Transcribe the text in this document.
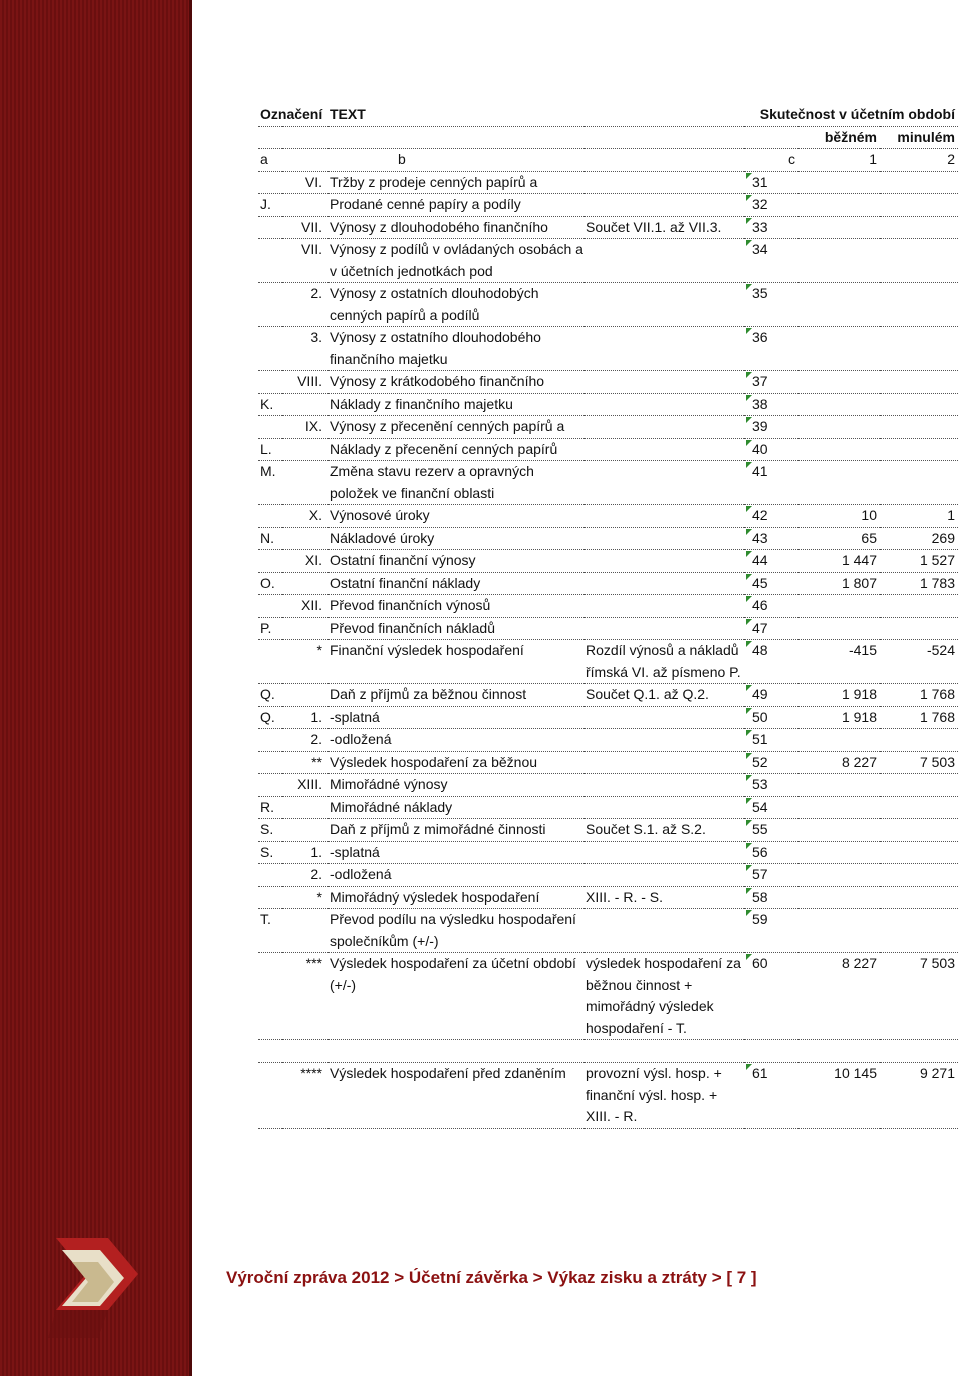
Označení		TEXT		Skutečnost v účetním období		
					běžném	minulém
a		b		c	1	2
	VI.	Tržby z prodeje cenných papírů a		31		
J.		Prodané cenné papíry a podíly		32		
	VII.	Výnosy z dlouhodobého finančního	Součet VII.1. až VII.3.	33		
	VII.	Výnosy z podílů v ovládaných osobách a v účetních jednotkách pod		34		
	2.	Výnosy z ostatních dlouhodobých cenných papírů a podílů		35		
	3.	Výnosy z ostatního dlouhodobého finančního majetku		36		
	VIII.	Výnosy z krátkodobého finančního		37		
K.		Náklady z finančního majetku		38		
	IX.	Výnosy z přecenění cenných papírů a		39		
L.		Náklady z přecenění cenných papírů		40		
M.		Změna stavu rezerv a opravných položek ve finanční oblasti		41		
	X.	Výnosové úroky		42	10	1
N.		Nákladové úroky		43	65	269
	XI.	Ostatní finanční výnosy		44	1 447	1 527
O.		Ostatní finanční náklady		45	1 807	1 783
	XII.	Převod finančních výnosů		46		
P.		Převod finančních nákladů		47		
	*	Finanční výsledek hospodaření	Rozdíl výnosů a nákladů římská VI. až písmeno P.	48	-415	-524
Q.		Daň z příjmů za běžnou činnost	Součet Q.1. až Q.2.	49	1 918	1 768
Q.	1.	-splatná		50	1 918	1 768
	2.	-odložená		51		
	**	Výsledek hospodaření za běžnou		52	8 227	7 503
	XIII.	Mimořádné výnosy		53		
R.		Mimořádné náklady		54		
S.		Daň z příjmů z mimořádné činnosti	Součet S.1. až S.2.	55		
S.	1.	-splatná		56		
	2.	-odložená		57		
	*	Mimořádný výsledek hospodaření	XIII. - R. - S.	58		
T.		Převod podílu na výsledku hospodaření společníkům (+/-)		59		
	***	Výsledek hospodaření za účetní období (+/-)	výsledek hospodaření za běžnou činnost + mimořádný výsledek hospodaření - T.	60	8 227	7 503

	****	Výsledek hospodaření před zdaněním	provozní výsl. hosp. + finanční výsl. hosp. + XIII. - R.	61	10 145	9 271
Výroční zpráva 2012 > Účetní závěrka > Výkaz zisku a ztráty > [ 7 ]
